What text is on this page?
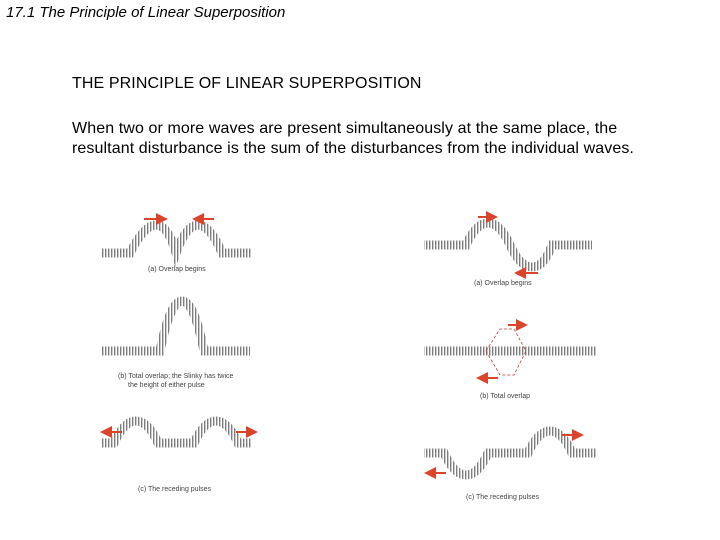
17.1 The Principle of Linear Superposition
THE PRINCIPLE OF LINEAR SUPERPOSITION
When two or more waves are present simultaneously at the same place, the resultant disturbance is the sum of the disturbances from the individual waves.
(a) Overlap begins
(b) Total overlap; the Slinky has twice
the height of either pulse
(c) The receding pulses
(a) Overlap begins
(b) Total overlap
(c) The receding pulses
